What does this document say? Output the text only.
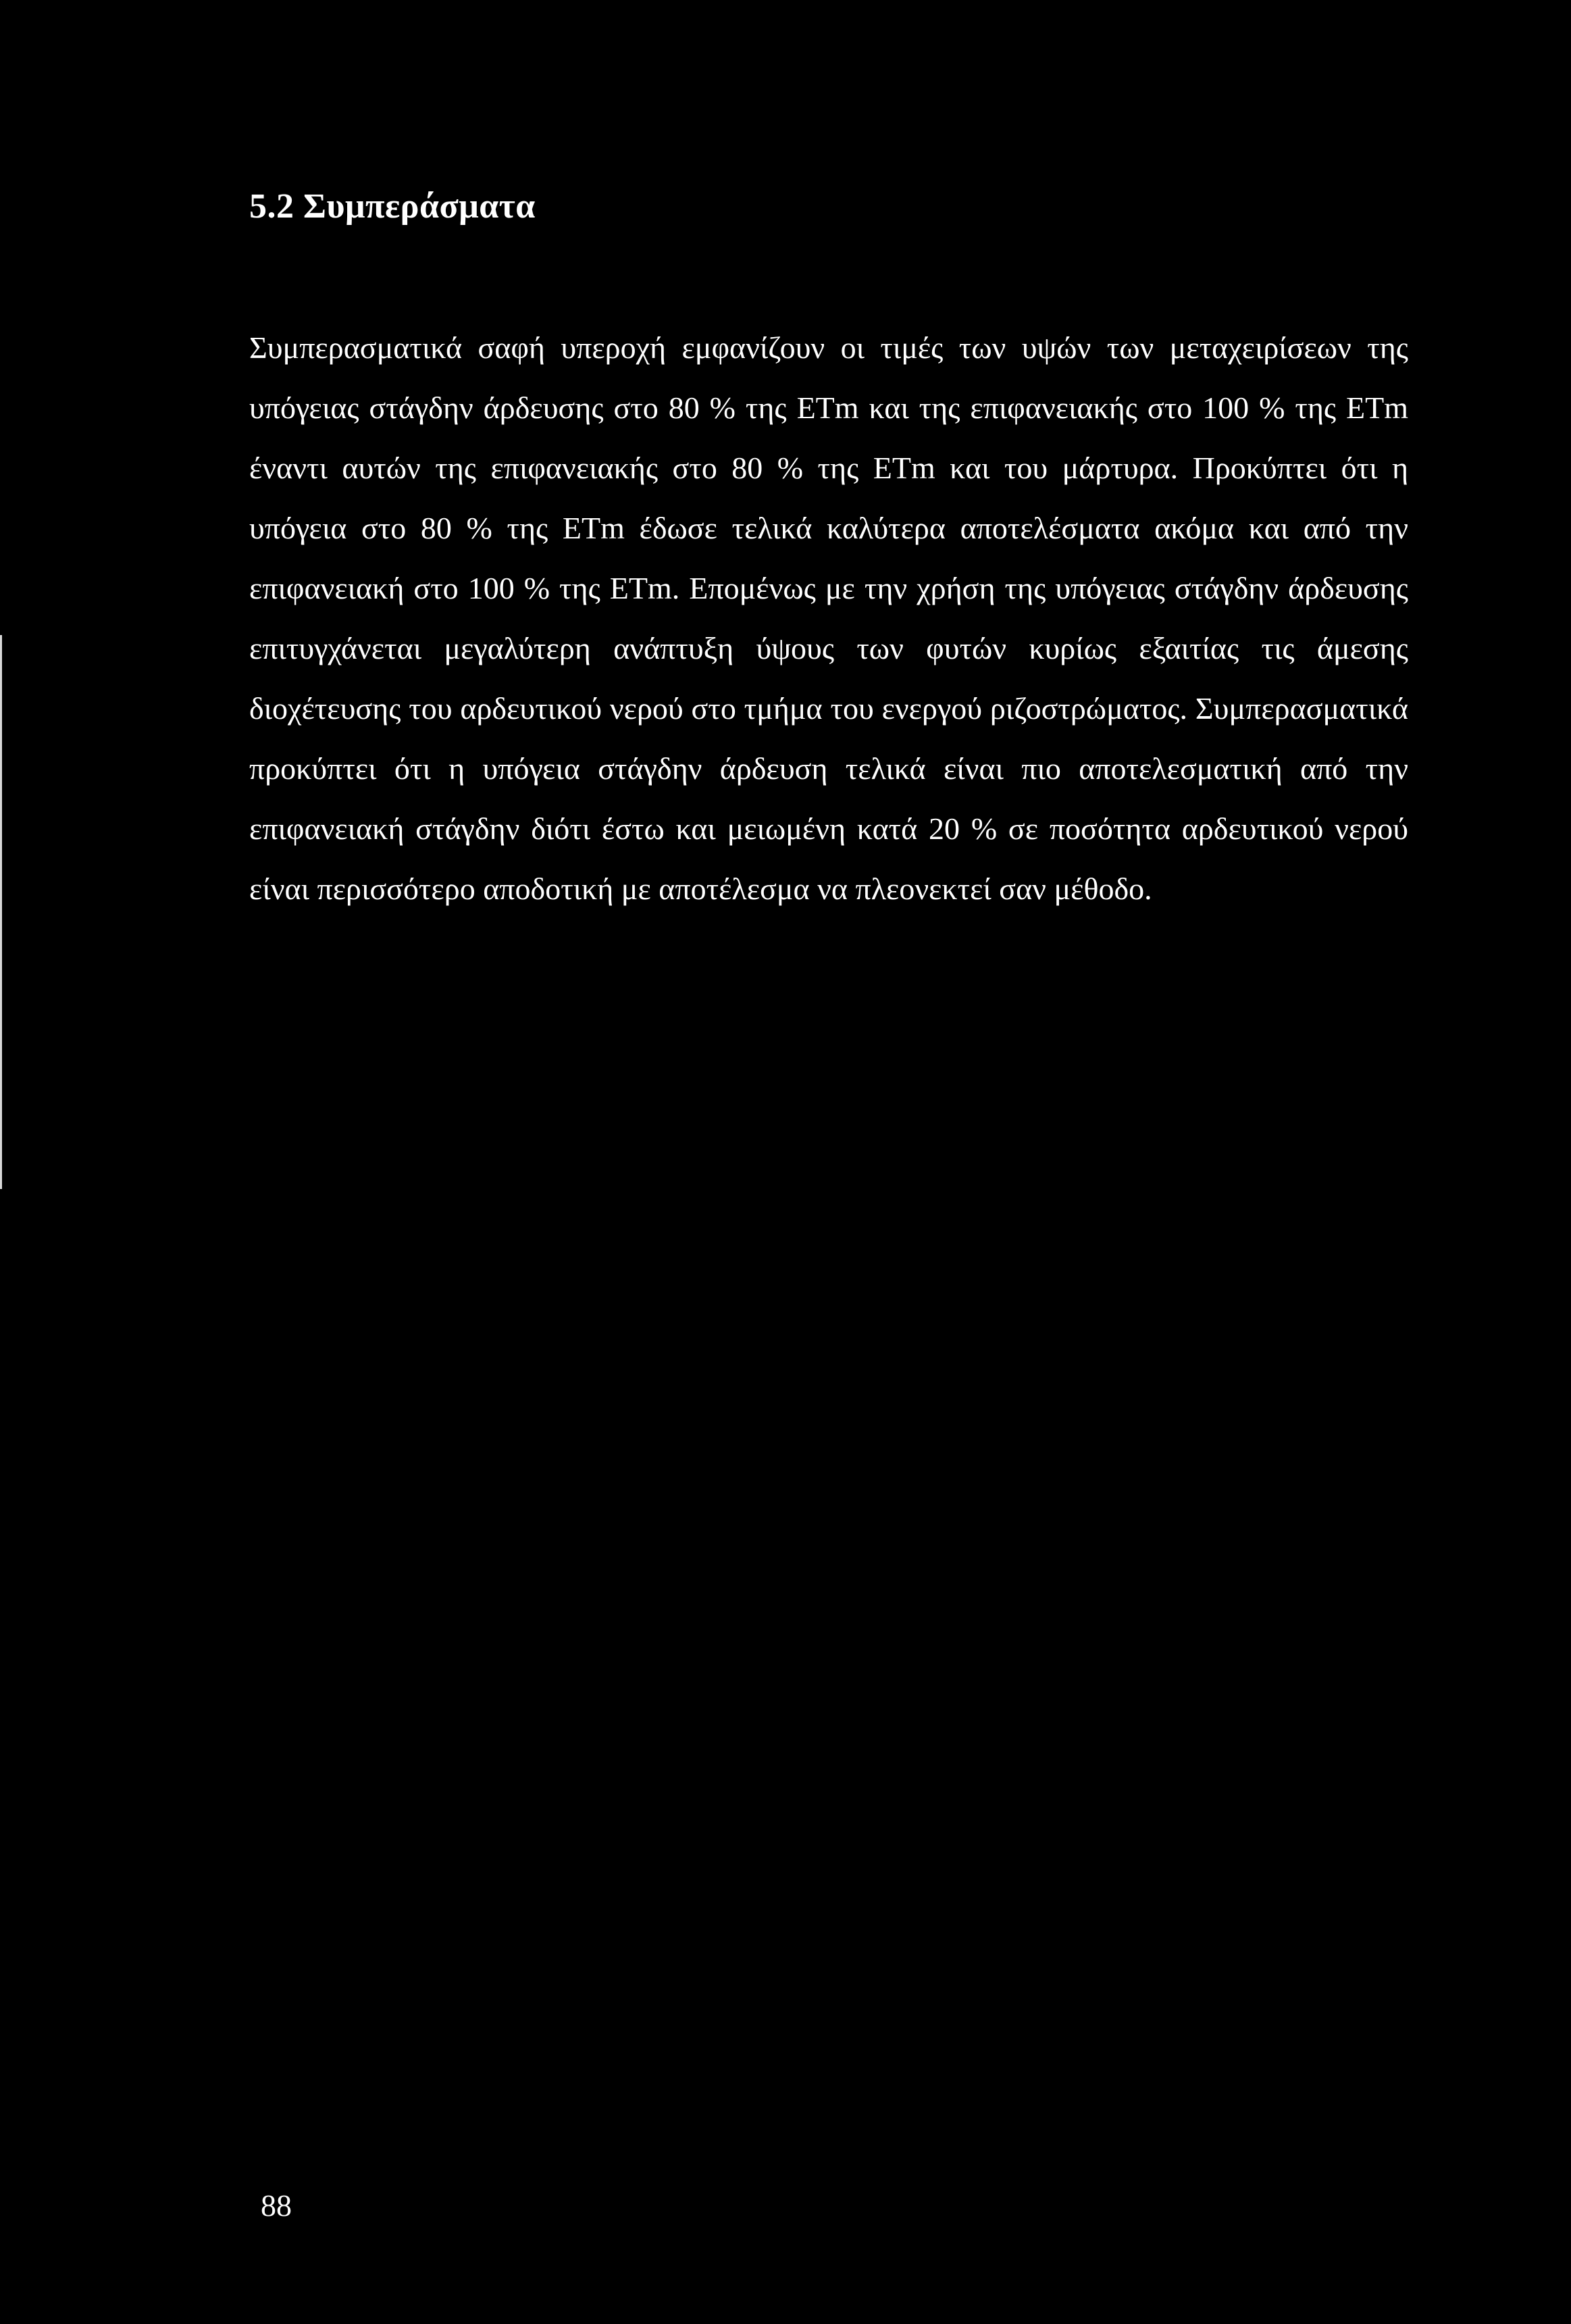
5.2 Συμπεράσματα

Συμπερασματικά σαφή υπεροχή εμφανίζουν οι τιμές των υψών των μεταχειρίσεων της υπόγειας στάγδην άρδευσης στο 80 % της ETm και της επιφανειακής στο 100 % της ETm έναντι αυτών της επιφανειακής στο 80 % της ETm και του μάρτυρα. Προκύπτει ότι η υπόγεια στο 80 % της ETm έδωσε τελικά καλύτερα αποτελέσματα ακόμα και από την επιφανειακή στο 100 % της ETm. Επομένως με την χρήση της υπόγειας στάγδην άρδευσης επιτυγχάνεται μεγαλύτερη ανάπτυξη ύψους των φυτών κυρίως εξαιτίας τις άμεσης διοχέτευσης του αρδευτικού νερού στο τμήμα του ενεργού ριζοστρώματος. Συμπερασματικά προκύπτει ότι η υπόγεια στάγδην άρδευση τελικά είναι πιο αποτελεσματική από την επιφανειακή στάγδην διότι έστω και μειωμένη κατά 20 % σε ποσότητα αρδευτικού νερού είναι περισσότερο αποδοτική με αποτέλεσμα να πλεονεκτεί σαν μέθοδο.

88
